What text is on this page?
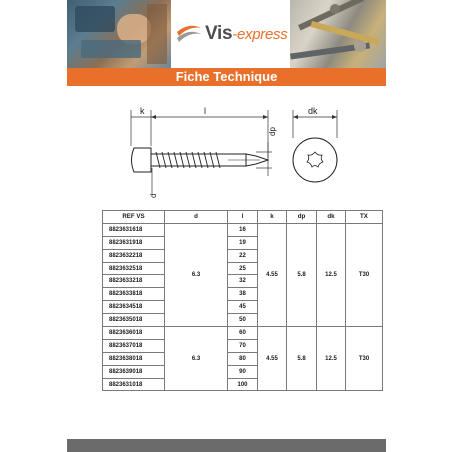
Vis-express
Fiche Technique
k	l
dp
d
dk
REF VS	d	l	k	dp	dk	TX
8823631618	6.3	16	4.55	5.8	12.5	T30
8823631918		19				
8823632218		22				
8823632518		25				
8823633218		32				
8823633818		38				
8823634518		45				
8823635018		50				
8823636018	6.3	60	4.55	5.8	12.5	T30
8823637018		70				
8823638018		80				
8823639018		90				
8823631018		100				
